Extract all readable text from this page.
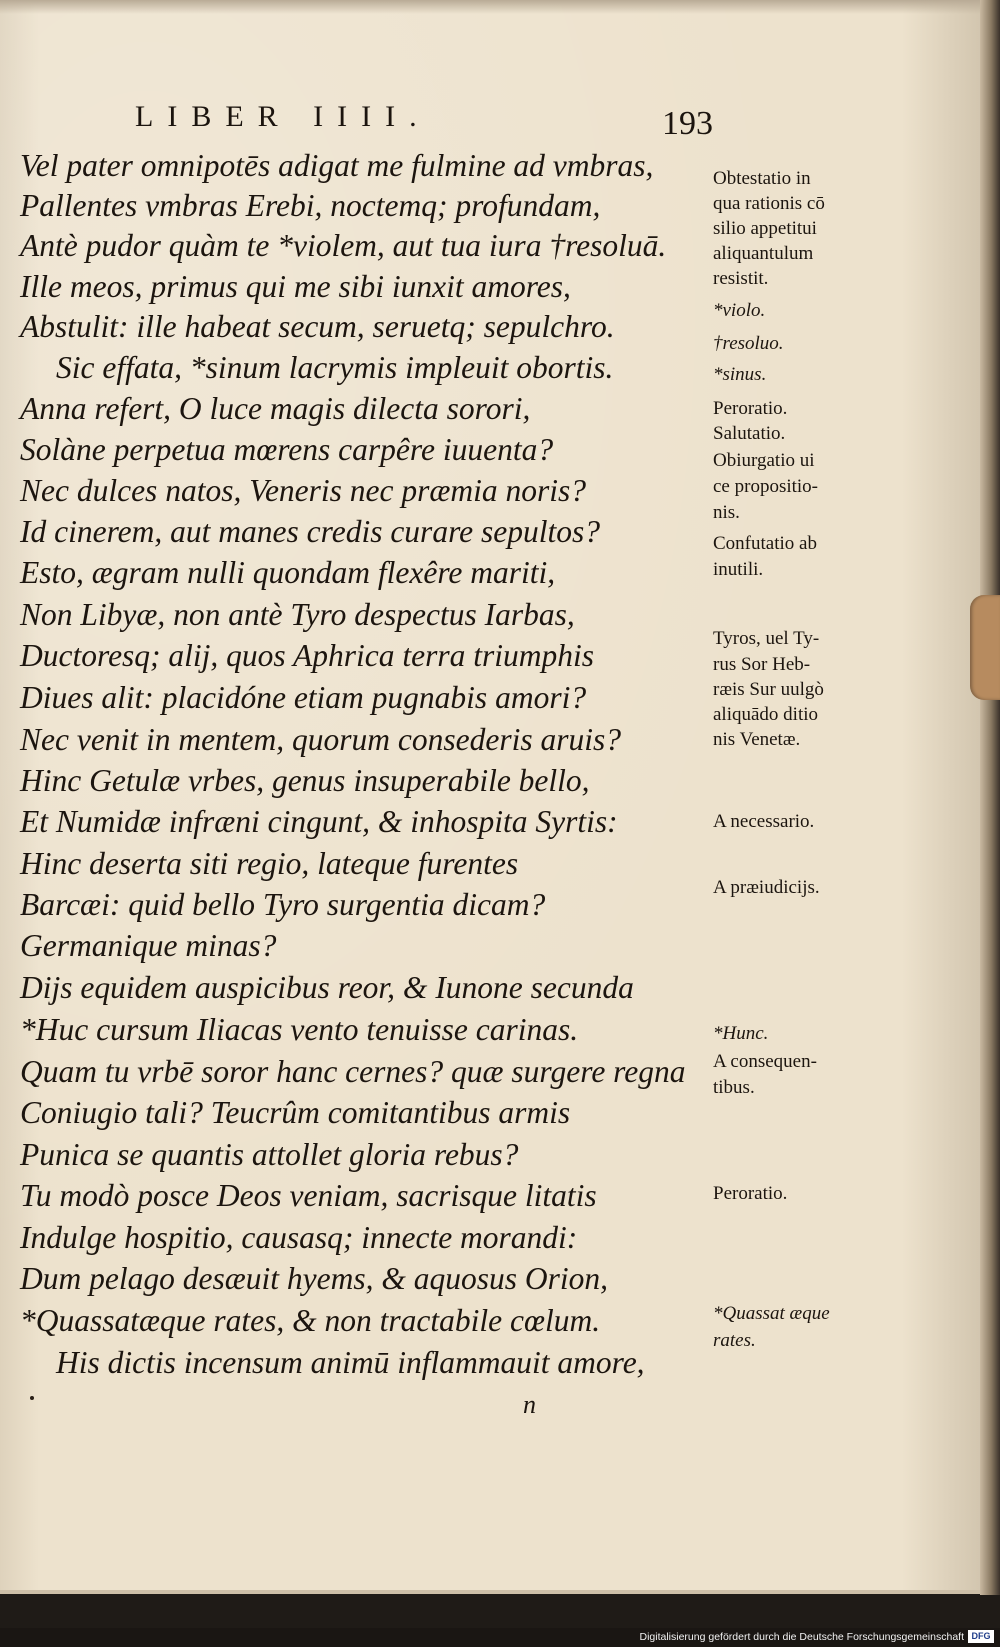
LIBER IIII.	193
Vel pater omnipotēs adigat me fulmine ad vmbras,
Pallentes vmbras Erebi, noctemq; profundam,
Antè pudor quàm te *violem, aut tua iura †resoluā.
Ille meos, primus qui me sibi iunxit amores,
Abstulit: ille habeat secum, seruetq; sepulchro.
Sic effata, *sinum lacrymis impleuit obortis.
Anna refert, O luce magis dilecta sorori,
Solàne perpetua mœrens carpêre iuuenta?
Nec dulces natos, Veneris nec præmia noris?
Id cinerem, aut manes credis curare sepultos?
Esto, ægram nulli quondam flexêre mariti,
Non Libyæ, non antè Tyro despectus Iarbas,
Ductoresq; alij, quos Aphrica terra triumphis
Diues alit: placidóne etiam pugnabis amori?
Nec venit in mentem, quorum consederis aruis?
Hinc Getulæ vrbes, genus insuperabile bello,
Et Numidæ infræni cingunt, & inhospita Syrtis:
Hinc deserta siti regio, lateque furentes
Barcæi: quid bello Tyro surgentia dicam?
Germanique minas?
Dijs equidem auspicibus reor, & Iunone secunda
*Huc cursum Iliacas vento tenuisse carinas.
Quam tu vrbē soror hanc cernes? quæ surgere regna
Coniugio tali? Teucrûm comitantibus armis
Punica se quantis attollet gloria rebus?
Tu modò posce Deos veniam, sacrisque litatis
Indulge hospitio, causasq; innecte morandi:
Dum pelago desæuit hyems, & aquosus Orion,
*Quassatæque rates, & non tractabile cœlum.
His dictis incensum animū inflammauit amore,
Obtestatio in
qua rationis cō
silio appetitui
aliquantulum
resistit.
*violo.
†resoluo.
*sinus.
Peroratio.
Salutatio.
Obiurgatio ui
ce propositio-
nis.
Confutatio ab
inutili.
Tyros, uel Ty-
rus Sor Heb-
ræis Sur uulgò
aliquādo ditio
nis Venetæ.
A necessario.
A præiudicijs.
*Hunc.
A consequen-
tibus.
Peroratio.
*Quassat æque
rates.
n
Digitalisierung gefördert durch die Deutsche Forschungsgemeinschaft DFG
